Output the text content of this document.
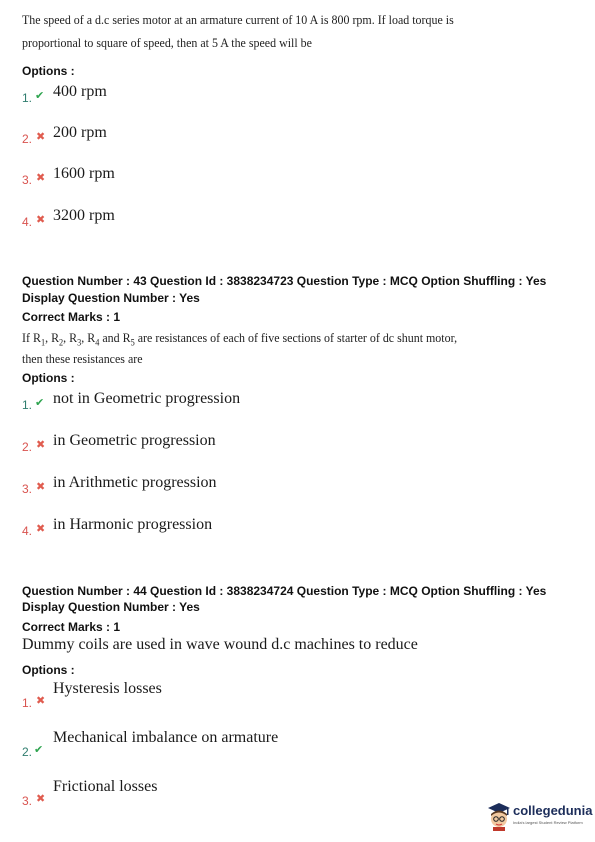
The speed of a d.c series motor at an armature current of 10 A is 800 rpm. If load torque is
proportional to square of speed, then at 5 A the speed will be
Options :
1. ✔ 400 rpm
2. ✖ 200 rpm
3. ✖ 1600 rpm
4. ✖ 3200 rpm
Question Number : 43 Question Id : 3838234723 Question Type : MCQ Option Shuffling : Yes
Display Question Number : Yes
Correct Marks : 1
If $R_1$, $R_2$, $R_3$, $R_4$ and $R_5$ are resistances of each of five sections of starter of dc shunt motor,
then these resistances are
Options :
1. ✔ not in Geometric progression
2. ✖ in Geometric progression
3. ✖ in Arithmetic progression
4. ✖ in Harmonic progression
Question Number : 44 Question Id : 3838234724 Question Type : MCQ Option Shuffling : Yes
Display Question Number : Yes
Correct Marks : 1
Dummy coils are used in wave wound d.c machines to reduce
Options :
1. ✖
Hysteresis losses
2. ✔
Mechanical imbalance on armature
3. ✖
Frictional losses
collegedunia
India's largest Student Review Platform
